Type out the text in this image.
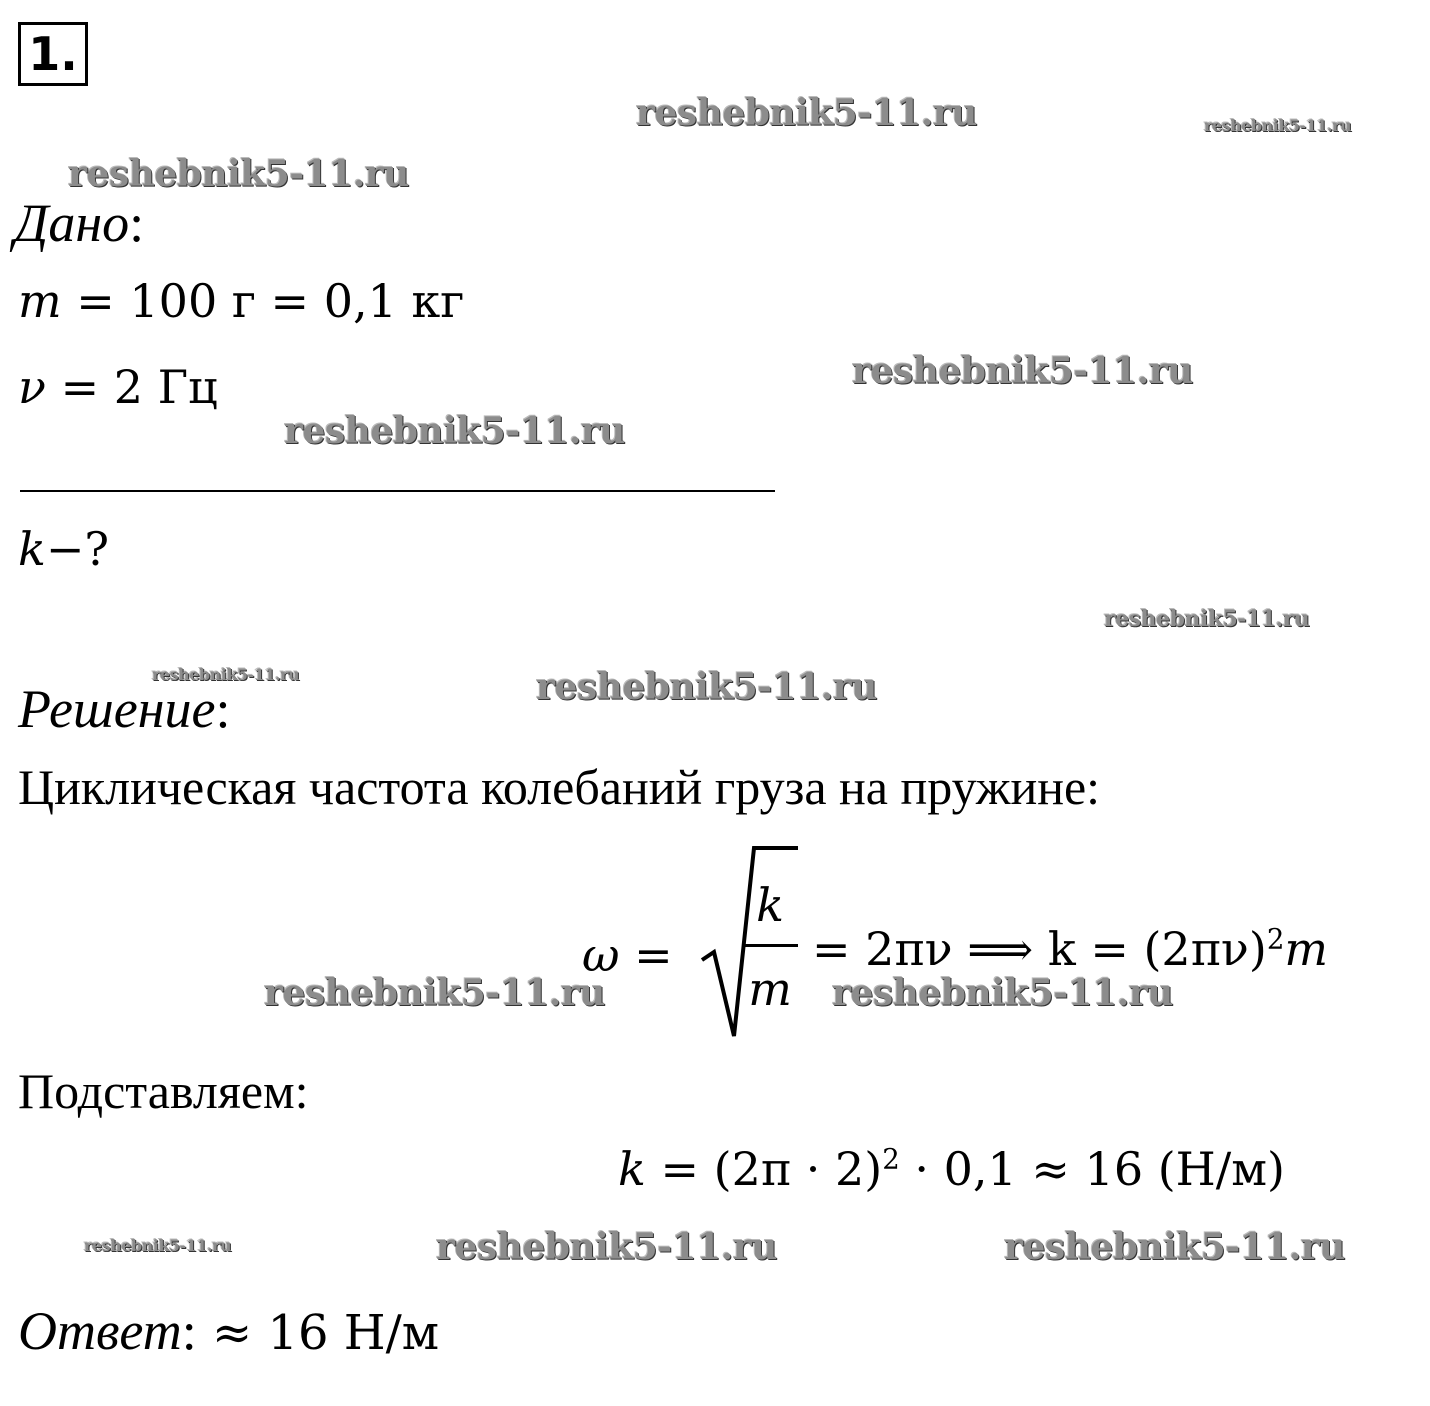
1.
reshebnik5-11.ru	reshebnik5-11.ru
reshebnik5-11.ru
reshebnik5-11.ru
reshebnik5-11.ru
reshebnik5-11.ru
reshebnik5-11.ru	reshebnik5-11.ru
reshebnik5-11.ru	reshebnik5-11.ru
reshebnik5-11.ru	reshebnik5-11.ru	reshebnik5-11.ru
Дано:
m = 100 г = 0,1 кг
ν = 2 Гц
k−?
Решение:
Циклическая частота колебаний груза на пружине:
ω =
k
m
= 2πν ⟹ $k = (2\pi\nu)^2m$
Подставляем:
$k = (2\pi \cdot 2)^2 \cdot 0,1 \approx 16$ (Н/м)
Ответ: ≈ 16 Н/м
